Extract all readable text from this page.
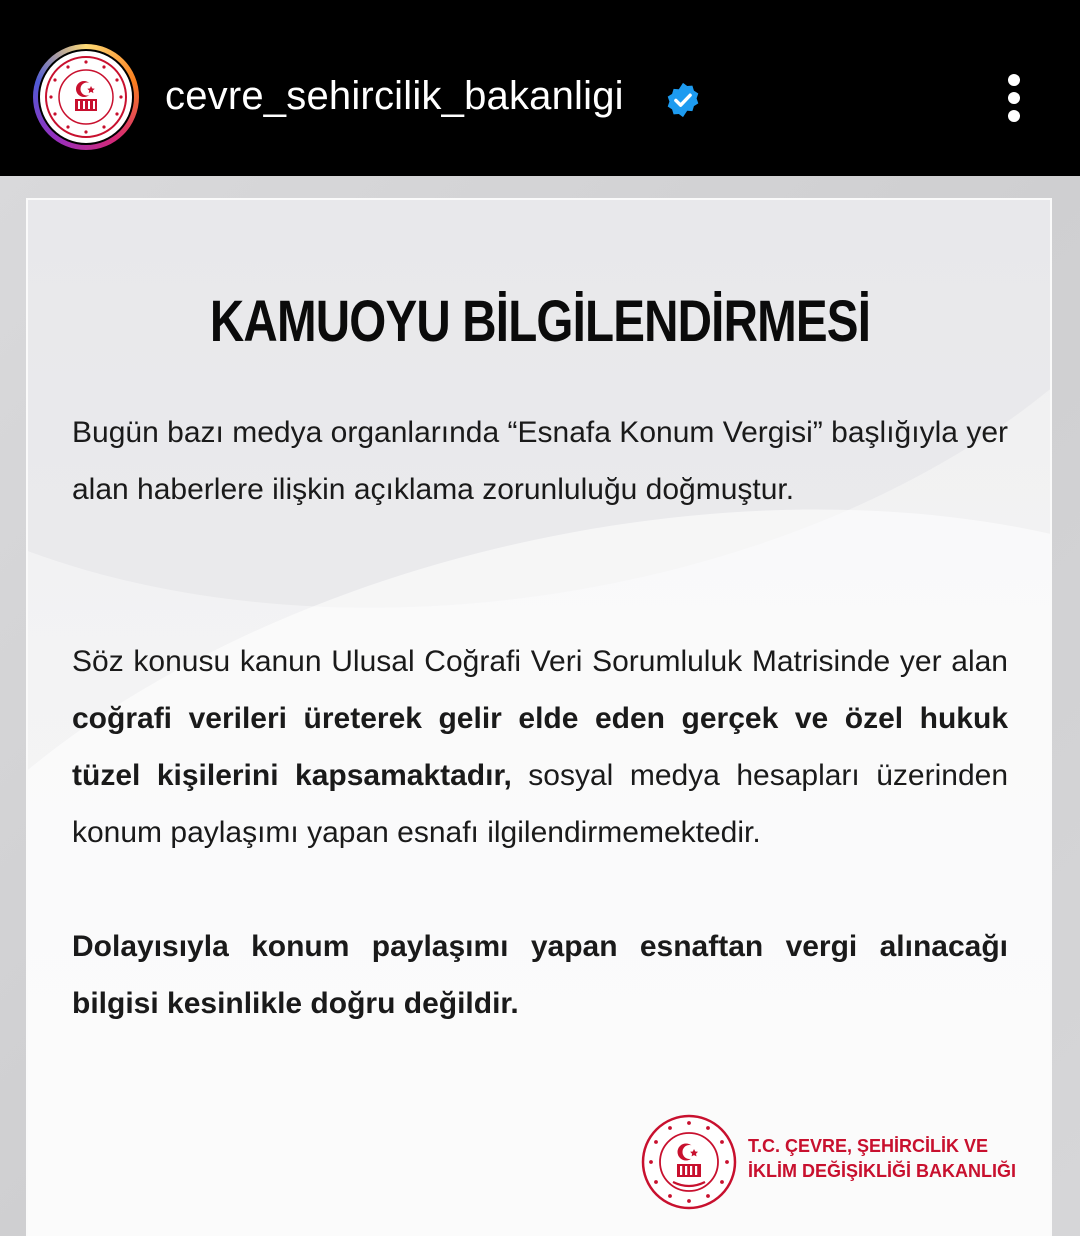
cevre_sehircilik_bakanligi
KAMUOYU BİLGİLENDİRMESİ
Bugün bazı medya organlarında “Esnafa Konum Vergisi” başlığıyla yer alan haberlere ilişkin açıklama zorunluluğu doğmuştur.
Söz konusu kanun Ulusal Coğrafi Veri Sorumluluk Matrisinde yer alan coğrafi verileri üreterek gelir elde eden gerçek ve özel hukuk tüzel kişilerini kapsamaktadır, sosyal medya hesapları üzerinden konum paylaşımı yapan esnafı ilgilendirmemektedir.
Dolayısıyla konum paylaşımı yapan esnaftan vergi alınacağı bilgisi kesinlikle doğru değildir.
T.C. ÇEVRE, ŞEHİRCİLİK VE
İKLİM DEĞİŞİKLİĞİ BAKANLIĞI
